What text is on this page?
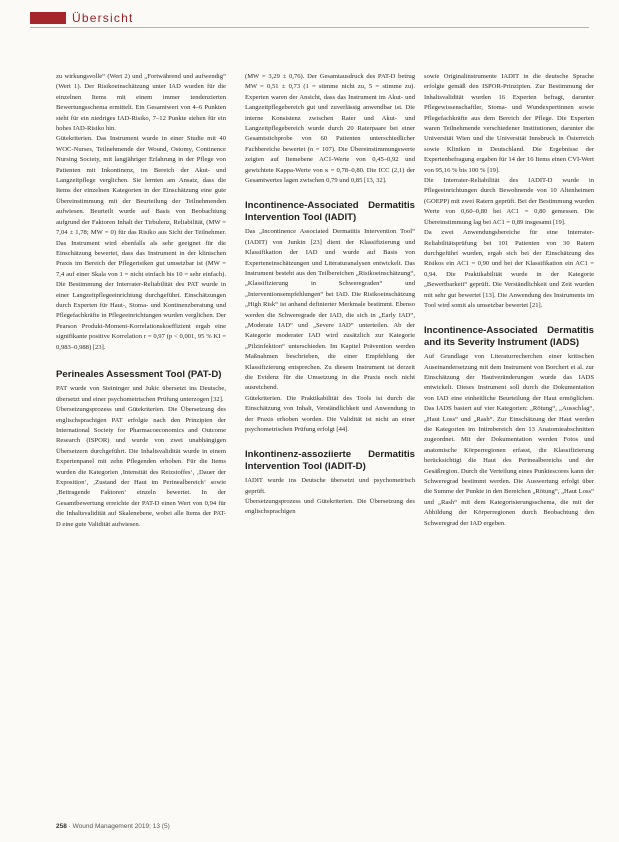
Übersicht

zu wirkungsvolle“ (Wert 2) und „Fortwährend und aufwendig“ (Wert 1). Der Risikoeinschätzung unter IAD wurden für die einzelnen Items mit einem immer tendenzierten Bewertungsschema ermittelt. Ein Gesamtwert von 4–6 Punkten steht für ein niedriges IAD-Risiko, 7–12 Punkte stehen für ein hohes IAD-Risiko hin.

Gütekriterien. Das Instrument wurde in einer Studie mit 40 WOC-Nurses, Teilnehmende der Wound, Ostomy, Continence Nursing Society, mit langjähriger Erfahrung in der Pflege von Patienten mit Inkontinenz, im Bereich der Akut- und Langzeitpflege verglichen. Sie lernten am Ansatz, dass die Items der einzelnen Kategorien in der Einschätzung eine gute Übereinstimmung mit der Beurteilung der Teilnehmenden aufwiesen. Beurteilt wurde auf Basis von Beobachtung aufgrund der Faktoren Inhalt der Tirbulenz, Reliabilität, (MW = 7,04 ± 1,78; MW = 0) für das Risiko aus Sicht der Teilnehmer. Das Instrument wird ebenfalls als sehr geeignet für die Einschätzung bewertet, dass das Instrument in der klinischen Praxis im Bereich der Pflegerisiken gut umsetzbar ist (MW = 7,4 auf einer Skala von 1 = nicht einfach bis 10 = sehr einfach). Die Bestimmung der Interrater-Reliabilität des PAT wurde in einer Langzeitpflegeeinrichtung durchgeführt. Einschätzungen durch Experten für Haut-, Stoma- und Kontinenzberatung und Pflegefachkräfte in Pflegeeinrichtungen wurden verglichen. Der Pearson Produkt-Moment-Korrelationskoeffizient ergab eine signifikante positive Korrelation r = 0,97 (p < 0,001, 95 % KI = 0,983–0,988) [23].

Perineales Assessment Tool (PAT-D)

PAT wurde von Steininger und Jukic übersetzt ins Deutsche, übersetzt und einer psychometrischen Prüfung unterzogen [32].

Übersetzungsprozess und Gütekriterien. Die Übersetzung des englischsprachigen PAT erfolgte nach den Prinzipien der International Society for Pharmacoeconomics and Outcome Research (ISPOR) und wurde von zwei unabhängigen Übersetzern durchgeführt. Die Inhaltsvalidität wurde in einem Expertenpanel mit zehn Pflegenden erhoben. Für die Items wurden die Kategorien ‚Intensität des Reizstoffes‘, ‚Dauer der Exposition‘, ‚Zustand der Haut im Perinealbereich‘ sowie ‚Beitragende Faktoren‘ einzeln bewertet. In der Gesamtbewertung erreichte der PAT-D einen Wert von 0,94 für die Inhaltsvalidität auf Skalenebene, wobei alle Items der PAT-D eine gute Validität aufwiesen.

(MW = 3,29 ± 0,76). Der Gesamtausdruck des PAT-D betrug MW = 0,51 ± 0,73 (1 = stimme nicht zu, 5 = stimme zu). Experten waren der Ansicht, dass das Instrument im Akut- und Langzeitpflegebereich gut und zuverlässig anwendbar ist. Die interne Konsistenz zwischen Rater und Akut- und Langzeitpflegebereich wurde durch 20 Raterpaare bei einer Gesamtstichprobe von 60 Patienten unterschiedlicher Fachbereiche bewertet (n = 107). Die Übereinstimmungswerte zeigten auf Itemebene AC1-Werte von 0,45–0,92 und gewichtete Kappa-Werte von κ = 0,78–0,80. Die ICC (2,1) der Gesamtwertes lagen zwischen 0,79 und 0,85 [13, 32].

Incontinence-Associated Dermatitis Intervention Tool (IADIT)

Das „Incontinence Associated Dermatitis Intervention Tool“ (IADIT) von Junkin [23] dient der Klassifizierung und Klassifikation der IAD und wurde auf Basis von Experteneinschätzungen und Literaturanalysen entwickelt. Das Instrument besteht aus den Teilbereichen „Risikoeinschätzung“, „Klassifizierung in Schweregraden“ und „Interventionsempfehlungen“ bei IAD. Die Risikoeinschätzung „High Risk“ ist anhand definierter Merkmale bestimmt. Ebenso werden die Schweregrade der IAD, die sich in „Early IAD“, „Moderate IAD“ und „Severe IAD“ unterteilen. Ab der Kategorie moderater IAD wird zusätzlich zur Kategorie „Pilzinfektion“ unterschieden. Im Kapitel Prävention werden Maßnahmen beschrieben, die einer Empfehlung der Klassifizierung entsprechen. Zu diesem Instrument ist derzeit die Evidenz für die Umsetzung in die Praxis noch nicht ausreichend.

Gütekriterien. Die Praktikabilität des Tools ist durch die Einschätzung von Inhalt, Verständlichkeit und Anwendung in der Praxis erhoben worden. Die Validität ist nicht an einer psychometrischen Prüfung erfolgt [44].

Inkontinenz-assoziierte Dermatitis Intervention Tool (IADIT-D)

IADIT wurde ins Deutsche übersetzt und psychometrisch geprüft.

Übersetzungsprozess und Gütekriterien. Die Übersetzung des englischsprachigen

sowie Originalinstrumente IADIT in die deutsche Sprache erfolgte gemäß den ISPOR-Prinzipien. Zur Bestimmung der Inhaltsvalidität wurden 16 Experten befragt, darunter Pflegewissenschaftler, Stoma- und Wundexpertinnen sowie Pflegefachkräfte aus dem Bereich der Pflege. Die Experten waren Teilnehmende verschiedener Institutionen, darunter die Universität Wien und die Universität Innsbruck in Österreich sowie Kliniken in Deutschland. Die Ergebnisse der Expertenbefragung ergaben für 14 der 16 Items einen CVI-Wert von 95,16 % bis 100 % [19].

Die Interrater-Reliabilität des IADIT-D wurde in Pflegeeinrichtungen durch Bewohnende von 10 Altenheimen (GOEPP) mit zwei Ratern geprüft. Bei der Bestimmung wurden Werte von 0,60–0,80 bei AC1 = 0,80 gemessen. Die Übereinstimmung lag bei AC1 = 0,89 insgesamt [19].

Da zwei Anwendungsbereiche für eine Interrater-Reliabilitätsprüfung bei 101 Patienten von 30 Ratern durchgeführt wurden, ergab sich bei der Einschätzung des Risikos ein AC1 = 0,90 und bei der Klassifikation ein AC1 = 0,94. Die Praktikabilität wurde in der Kategorie „Bewertbarkeit“ geprüft. Die Verständlichkeit und Zeit wurden mit sehr gut bewertet [13]. Die Anwendung des Instruments im Tool wird somit als umsetzbar bewertet [21].

Incontinence-Associated Dermatitis and its Severity Instrument (IADS)

Auf Grundlage von Literaturrecherchen einer kritischen Auseinandersetzung mit dem Instrument von Borchert et al. zur Einschätzung der Hautveränderungen wurde das IADS entwickelt. Dieses Instrument soll durch die Dokumentation von IAD eine einheitliche Beurteilung der Haut ermöglichen. Das IADS basiert auf vier Kategorien: „Rötung“, „Ausschlag“, „Haut Loss“ und „Rash“. Zur Einschätzung der Haut werden die Kategorien im Intimbereich den 13 Anatomieabschnitten zugeordnet. Mit der Dokumentation werden Fotos und anatomische Körperregionen erfasst, die Klassifizierung berücksichtigt die Haut des Perinealbereichs und der Gesäßregion. Durch die Verteilung eines Punktescores kann der Schweregrad bestimmt werden. Die Auswertung erfolgt über die Summe der Punkte in den Bereichen „Rötung“, „Haut Loss“ und „Rash“ mit dem Kategorisierungsschema, die mit der Abbildung der Körperregionen durch Beobachtung den Schweregrad der IAD ergeben.

258 · Wound Management 2019; 13 (5)
